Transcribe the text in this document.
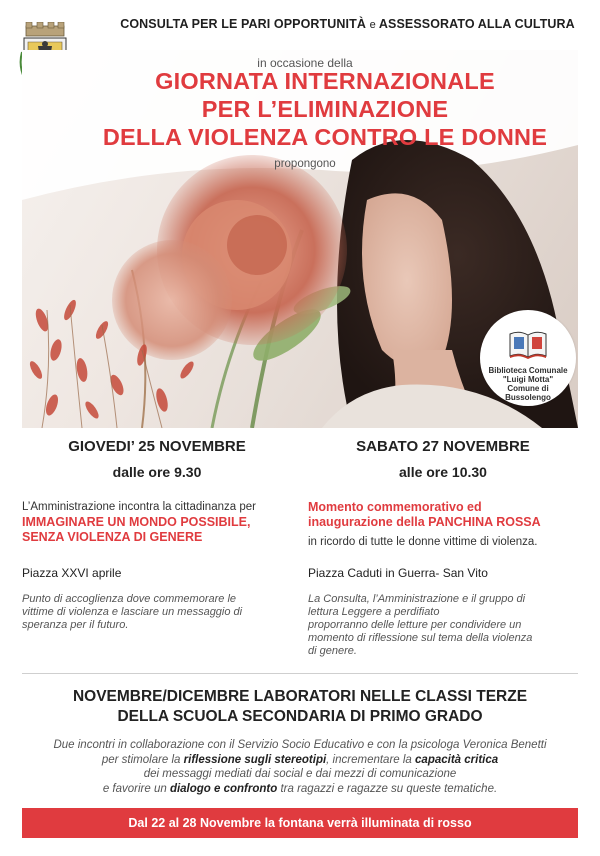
CONSULTA PER LE PARI OPPORTUNITÀ e ASSESSORATO ALLA CULTURA
in occasione della
GIORNATA INTERNAZIONALE
PER L’ELIMINAZIONE
DELLA VIOLENZA CONTRO LE DONNE
propongono
Biblioteca Comunale
"Luigi Motta"
Comune di Bussolengo
GIOVEDI’ 25 NOVEMBRE
dalle ore 9.30
L’Amministrazione incontra la cittadinanza per
IMMAGINARE UN MONDO POSSIBILE,
SENZA VIOLENZA DI GENERE
Piazza XXVI aprile
Punto di accoglienza dove commemorare le
vittime di violenza e lasciare un messaggio di
speranza per il futuro.
SABATO 27 NOVEMBRE
alle ore 10.30
Momento commemorativo ed
inaugurazione della PANCHINA ROSSA
in ricordo di tutte le donne vittime di violenza.
Piazza Caduti in Guerra- San Vito
La Consulta, l’Amministrazione e il gruppo di
lettura Leggere a perdifiato
proporranno delle letture per condividere un
momento di riflessione sul tema della violenza
di genere.
NOVEMBRE/DICEMBRE LABORATORI NELLE CLASSI TERZE
DELLA SCUOLA SECONDARIA DI PRIMO GRADO
Due incontri in collaborazione con il Servizio Socio Educativo e con la psicologa Veronica Benetti
per stimolare la riflessione sugli stereotipi, incrementare la capacità critica
dei messaggi mediati dai social e dai mezzi di comunicazione
e favorire un dialogo e confronto tra ragazzi e ragazze su queste tematiche.
Dal 22 al 28 Novembre la fontana verrà illuminata di rosso
